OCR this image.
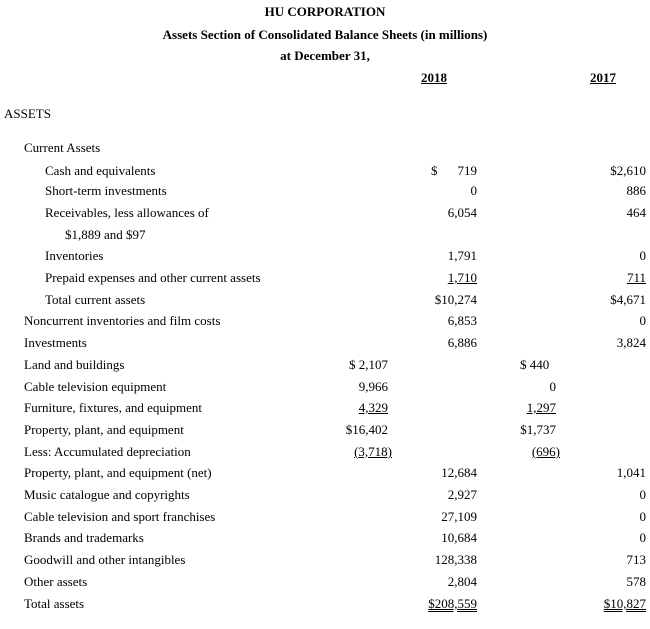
HU CORPORATION
Assets Section of Consolidated Balance Sheets (in millions)
at December 31,
2018	2017
ASSETS
Current Assets
Cash and equivalents	$ 719	$2,610
Short-term investments	0	886
Receivables, less allowances of	6,054	464
$1,889 and $97
Inventories	1,791	0
Prepaid expenses and other current assets	1,710	711
Total current assets	$10,274	$4,671
Noncurrent inventories and film costs	6,853	0
Investments	6,886	3,824
Land and buildings	$ 2,107	$ 440
Cable television equipment	9,966	0
Furniture, fixtures, and equipment	4,329	1,297
Property, plant, and equipment	$16,402	$1,737
Less: Accumulated depreciation	(3,718)	(696)
Property, plant, and equipment (net)	12,684	1,041
Music catalogue and copyrights	2,927	0
Cable television and sport franchises	27,109	0
Brands and trademarks	10,684	0
Goodwill and other intangibles	128,338	713
Other assets	2,804	578
Total assets	$208,559	$10,827
